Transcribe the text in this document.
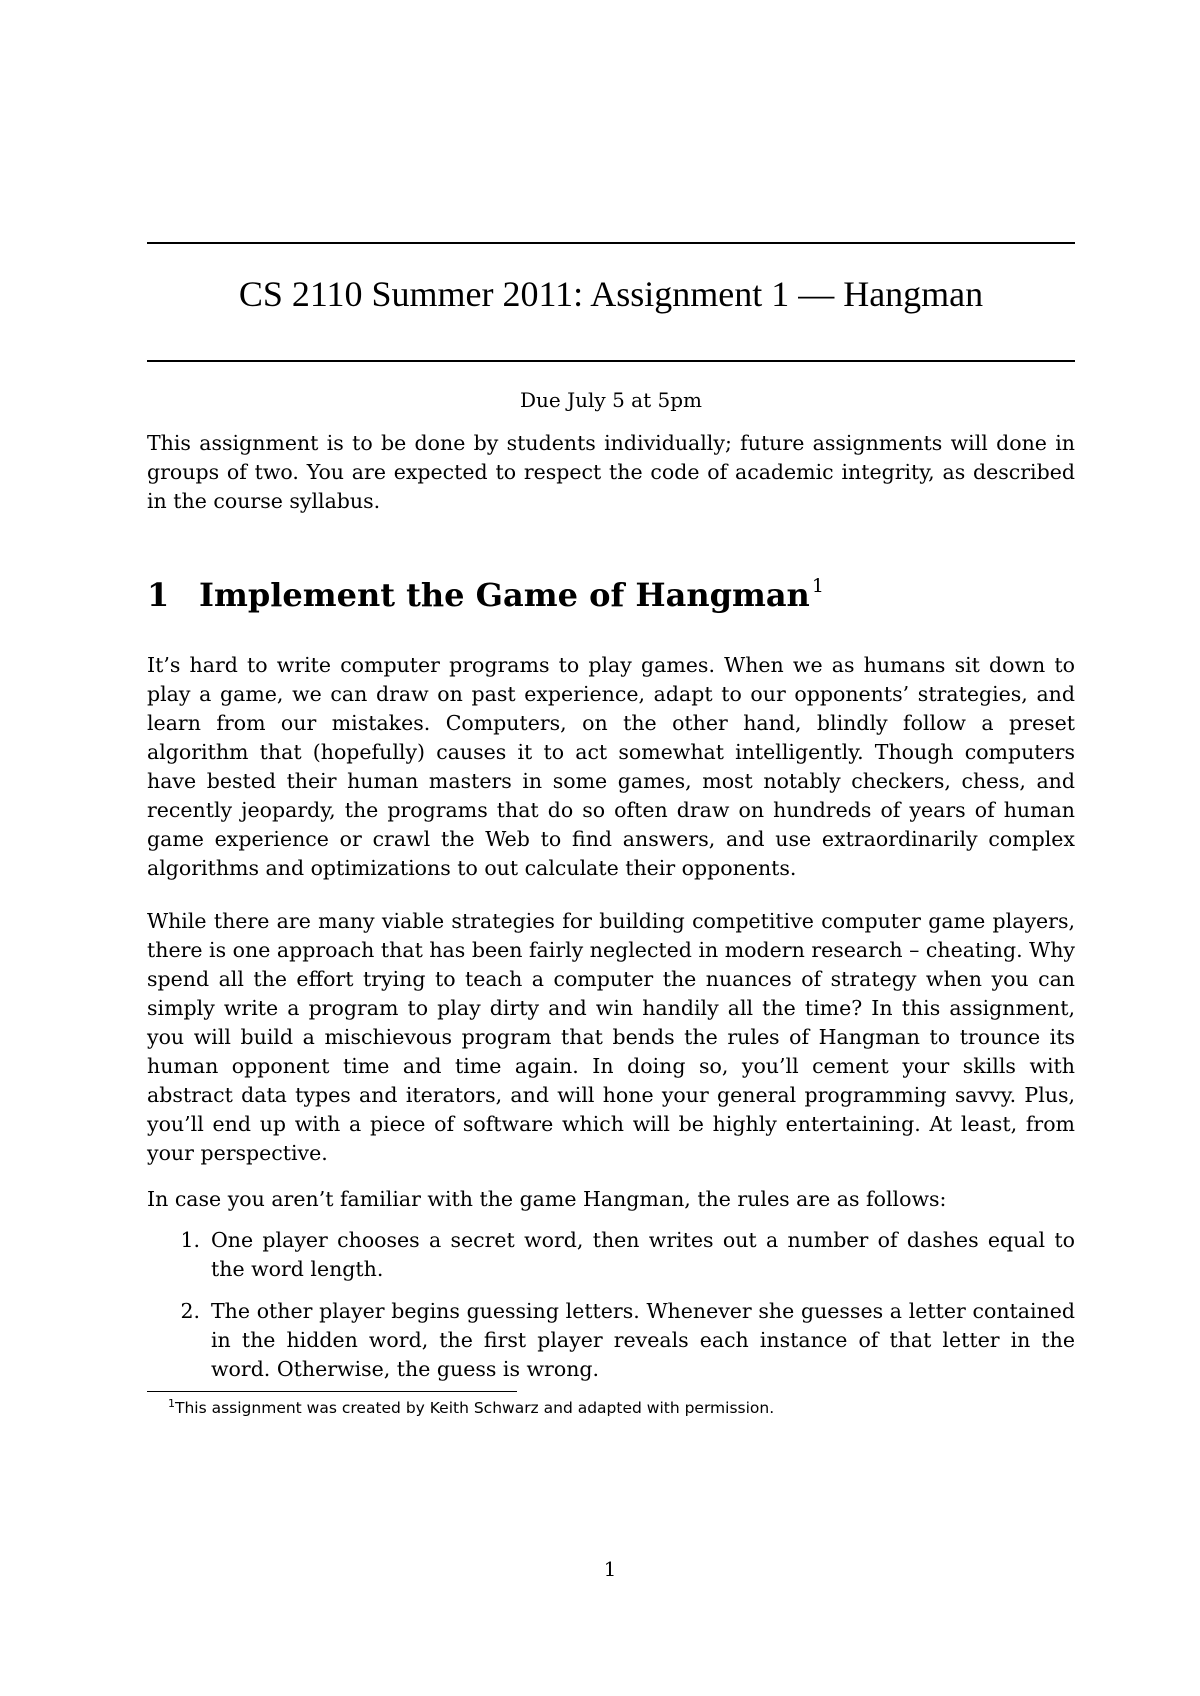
CS 2110 Summer 2011: Assignment 1 — Hangman
Due July 5 at 5pm

This assignment is to be done by students individually; future assignments will done in groups of two. You are expected to respect the code of academic integrity, as described in the course syllabus.

1 Implement the Game of Hangman $^1$

It’s hard to write computer programs to play games. When we as humans sit down to play a game, we can draw on past experience, adapt to our opponents’ strategies, and learn from our mistakes. Computers, on the other hand, blindly follow a preset algorithm that (hopefully) causes it to act somewhat intelligently. Though computers have bested their human masters in some games, most notably checkers, chess, and recently jeopardy, the programs that do so often draw on hundreds of years of human game experience or crawl the Web to find answers, and use extraordinarily complex algorithms and optimizations to out calculate their opponents.

While there are many viable strategies for building competitive computer game players, there is one approach that has been fairly neglected in modern research – cheating. Why spend all the effort trying to teach a computer the nuances of strategy when you can simply write a program to play dirty and win handily all the time? In this assignment, you will build a mischievous program that bends the rules of Hangman to trounce its human opponent time and time again. In doing so, you’ll cement your skills with abstract data types and iterators, and will hone your general programming savvy. Plus, you’ll end up with a piece of software which will be highly entertaining. At least, from your perspective.

In case you aren’t familiar with the game Hangman, the rules are as follows:

1. One player chooses a secret word, then writes out a number of dashes equal to the word length.
2. The other player begins guessing letters. Whenever she guesses a letter contained in the hidden word, the first player reveals each instance of that letter in the word. Otherwise, the guess is wrong.
$^1$This assignment was created by Keith Schwarz and adapted with permission.
1
